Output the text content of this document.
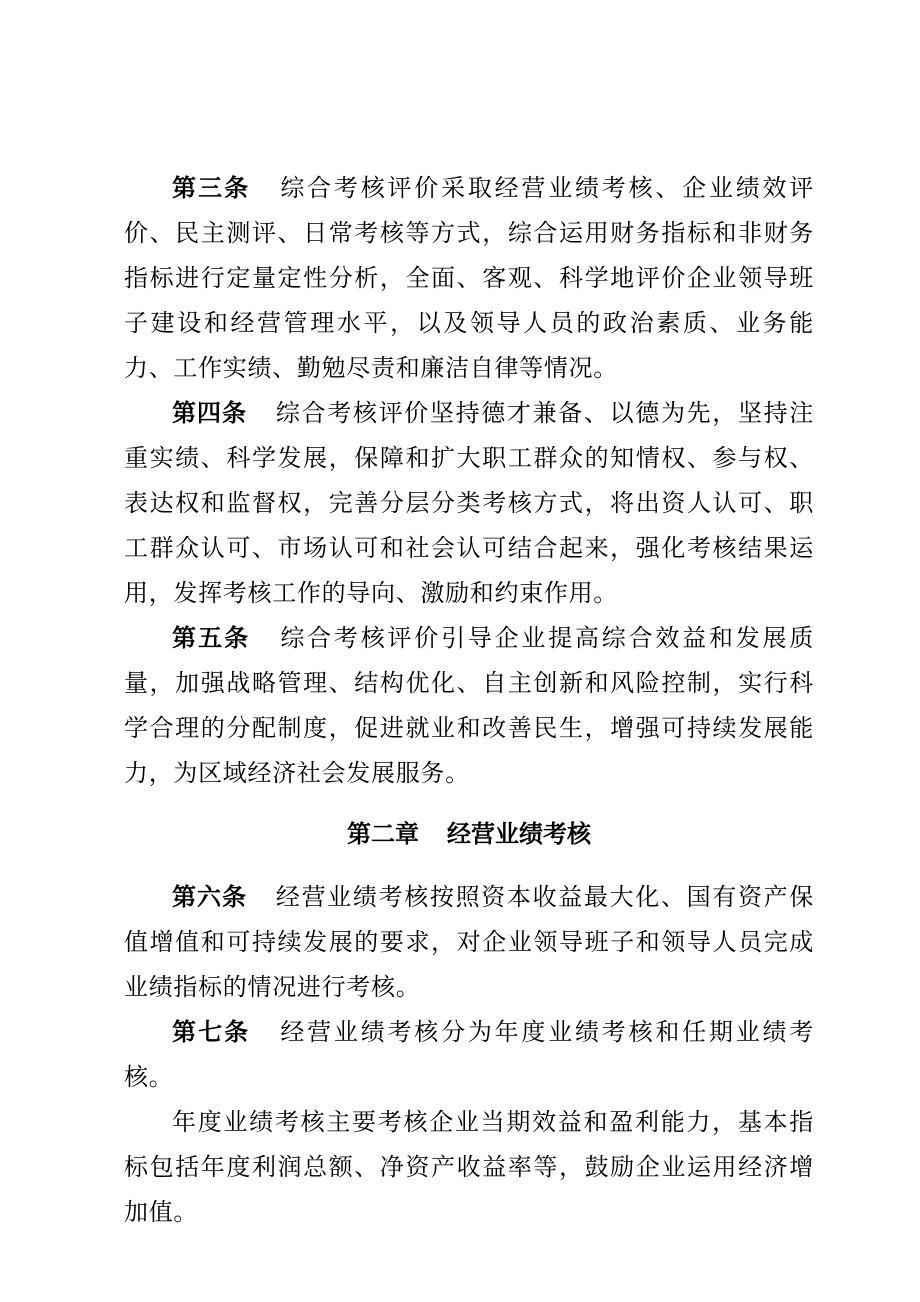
第三条 综合考核评价采取经营业绩考核、企业绩效评价、民主测评、日常考核等方式，综合运用财务指标和非财务指标进行定量定性分析，全面、客观、科学地评价企业领导班子建设和经营管理水平，以及领导人员的政治素质、业务能力、工作实绩、勤勉尽责和廉洁自律等情况。

第四条 综合考核评价坚持德才兼备、以德为先，坚持注重实绩、科学发展，保障和扩大职工群众的知情权、参与权、表达权和监督权，完善分层分类考核方式，将出资人认可、职工群众认可、市场认可和社会认可结合起来，强化考核结果运用，发挥考核工作的导向、激励和约束作用。

第五条 综合考核评价引导企业提高综合效益和发展质量，加强战略管理、结构优化、自主创新和风险控制，实行科学合理的分配制度，促进就业和改善民生，增强可持续发展能力，为区域经济社会发展服务。

第二章 经营业绩考核

第六条 经营业绩考核按照资本收益最大化、国有资产保值增值和可持续发展的要求，对企业领导班子和领导人员完成业绩指标的情况进行考核。

第七条 经营业绩考核分为年度业绩考核和任期业绩考核。

年度业绩考核主要考核企业当期效益和盈利能力，基本指标包括年度利润总额、净资产收益率等，鼓励企业运用经济增加值。
